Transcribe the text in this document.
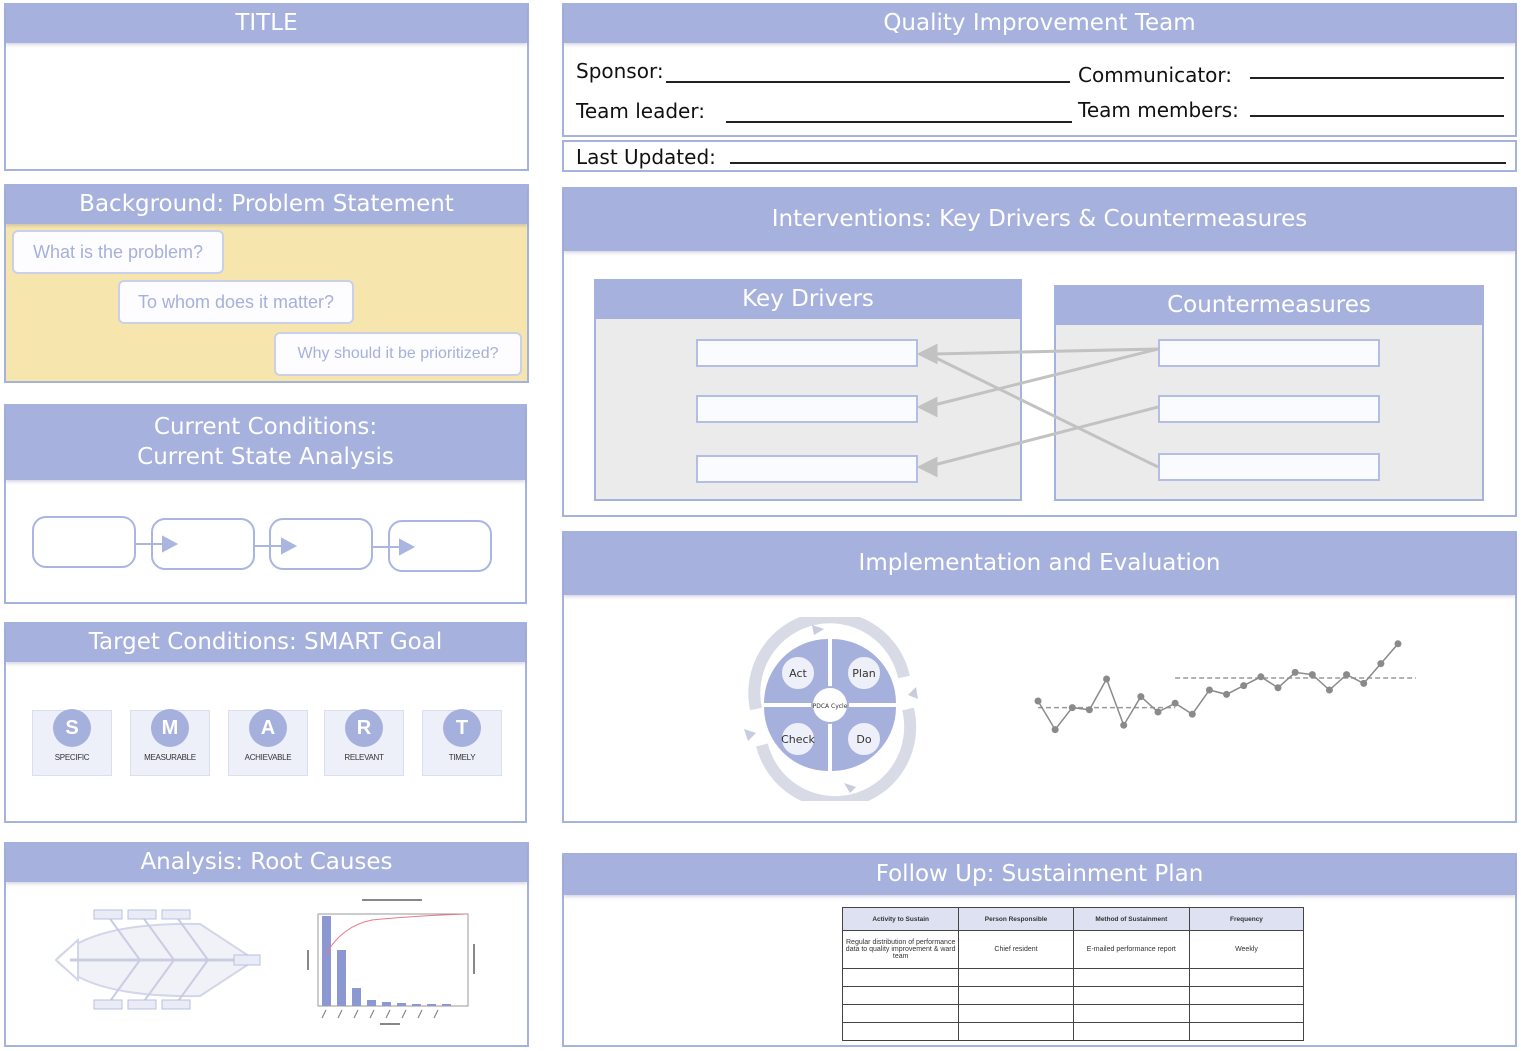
TITLE
Background: Problem Statement
What is the problem?
To whom does it matter?
Why should it be prioritized?
Current Conditions:
Current State Analysis
Target Conditions: SMART Goal
S
SPECIFIC
M
MEASURABLE
A
ACHIEVABLE
R
RELEVANT
T
TIMELY
Analysis: Root Causes
Quality Improvement Team
Sponsor:	Communicator:
Team leader:	Team members:
Last Updated:
Interventions: Key Drivers & Countermeasures
Key Drivers	Countermeasures
Implementation and Evaluation
Act	Plan
Check	Do
PDCA Cycle
Follow Up: Sustainment Plan
Activity to Sustain	Person Responsible	Method of Sustainment	Frequency
Regular distribution of performance data to quality improvement & ward team	Chief resident	E-mailed performance report	Weekly
